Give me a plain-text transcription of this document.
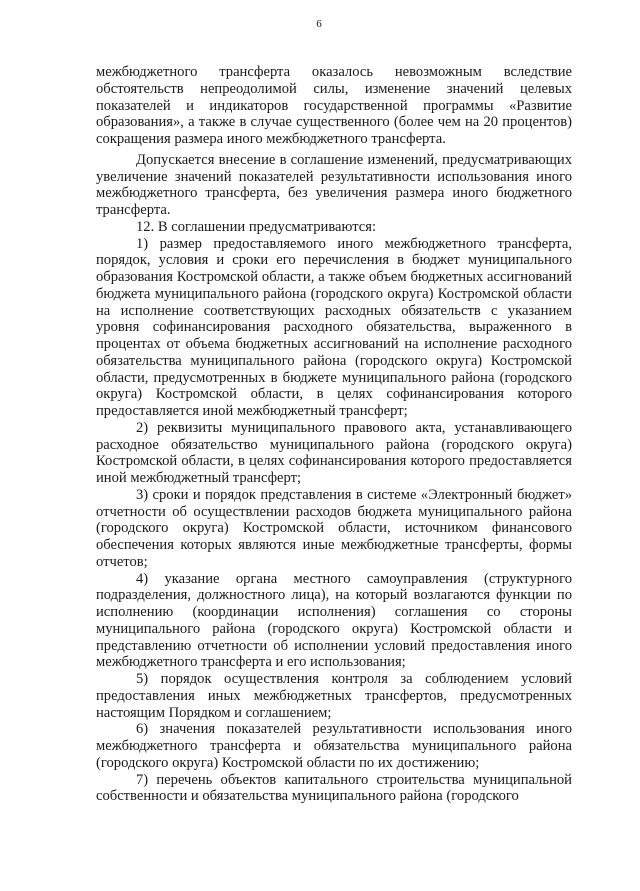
6

межбюджетного трансферта оказалось невозможным вследствие обстоятельств непреодолимой силы, изменение значений целевых показателей и индикаторов государственной программы «Развитие образования», а также в случае существенного (более чем на 20 процентов) сокращения размера иного межбюджетного трансферта.

Допускается внесение в соглашение изменений, предусматривающих увеличение значений показателей результативности использования иного межбюджетного трансферта, без увеличения размера иного бюджетного трансферта.

12. В соглашении предусматриваются:

1) размер предоставляемого иного межбюджетного трансферта, порядок, условия и сроки его перечисления в бюджет муниципального образования Костромской области, а также объем бюджетных ассигнований бюджета муниципального района (городского округа) Костромской области на исполнение соответствующих расходных обязательств с указанием уровня софинансирования расходного обязательства, выраженного в процентах от объема бюджетных ассигнований на исполнение расходного обязательства муниципального района (городского округа) Костромской области, предусмотренных в бюджете муниципального района (городского округа) Костромской области, в целях софинансирования которого предоставляется иной межбюджетный трансферт;

2) реквизиты муниципального правового акта, устанавливающего расходное обязательство муниципального района (городского округа) Костромской области, в целях софинансирования которого предоставляется иной межбюджетный трансферт;

3) сроки и порядок представления в системе «Электронный бюджет» отчетности об осуществлении расходов бюджета муниципального района (городского округа) Костромской области, источником финансового обеспечения которых являются иные межбюджетные трансферты, формы отчетов;

4) указание органа местного самоуправления (структурного подразделения, должностного лица), на который возлагаются функции по исполнению (координации исполнения) соглашения со стороны муниципального района (городского округа) Костромской области и представлению отчетности об исполнении условий предоставления иного межбюджетного трансферта и его использования;

5) порядок осуществления контроля за соблюдением условий предоставления иных межбюджетных трансфертов, предусмотренных настоящим Порядком и соглашением;

6) значения показателей результативности использования иного межбюджетного трансферта и обязательства муниципального района (городского округа) Костромской области по их достижению;

7) перечень объектов капитального строительства муниципальной собственности и обязательства муниципального района (городского
